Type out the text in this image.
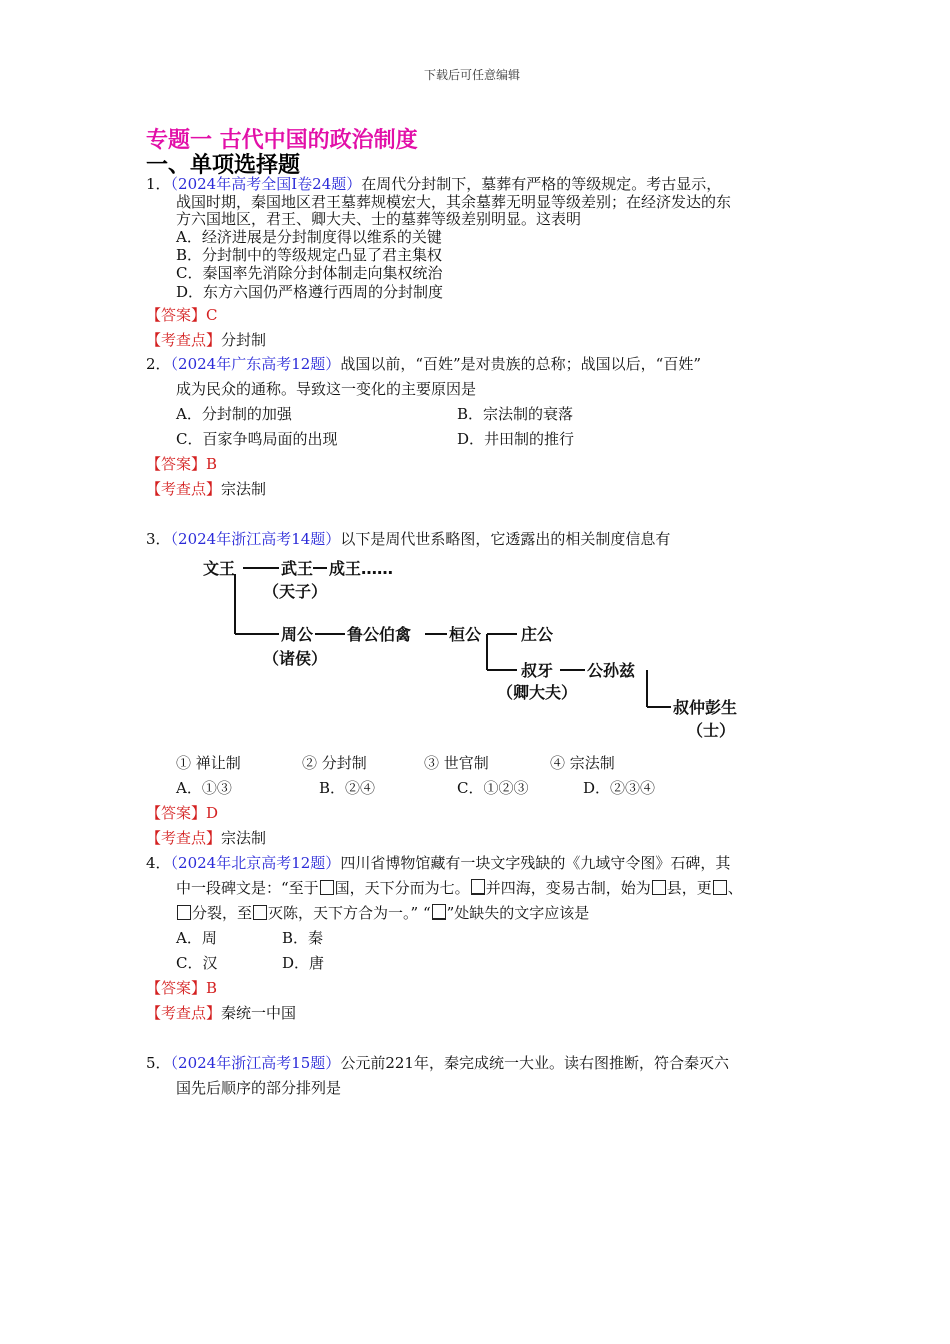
下载后可任意编辑
专题一 古代中国的政治制度
一、单项选择题
1．（2024年高考全国Ⅰ卷24题）在周代分封制下，墓葬有严格的等级规定。考古显示，
战国时期，秦国地区君王墓葬规模宏大，其余墓葬无明显等级差别；在经济发达的东
方六国地区，君王、卿大夫、士的墓葬等级差别明显。这表明
A．经济进展是分封制度得以维系的关键
B．分封制中的等级规定凸显了君主集权
C．秦国率先消除分封体制走向集权统治
D．东方六国仍严格遵行西周的分封制度
【答案】C
【考查点】分封制
2．（2024年广东高考12题）战国以前，“百姓”是对贵族的总称；战国以后，“百姓”
成为民众的通称。导致这一变化的主要原因是
A．分封制的加强	B．宗法制的衰落
C．百家争鸣局面的出现	D．井田制的推行
【答案】B
【考查点】宗法制
3．（2024年浙江高考14题）以下是周代世系略图，它透露出的相关制度信息有
文王	武王 成王……
（天子）
周公
（诸侯）
鲁公伯禽 桓公 庄公
叔牙
（卿大夫）
公孙兹
叔仲彭生
（士）
① 禅让制	② 分封制	③ 世官制	④ 宗法制
A．①③	B．②④	C．①②③	D．②③④
【答案】D
【考查点】宗法制
4．（2024年北京高考12题）四川省博物馆藏有一块文字残缺的《九域守令图》石碑，其
中一段碑文是：“至于 国，天下分而为七。 并四海，变易古制，始为 县，更 、
分裂，至 灭陈，天下方合为一。” “ ”处缺失的文字应该是
A．周	B．秦
C．汉	D．唐
【答案】B
【考查点】秦统一中国
5．（2024年浙江高考15题）公元前221年，秦完成统一大业。读右图推断，符合秦灭六
国先后顺序的部分排列是
